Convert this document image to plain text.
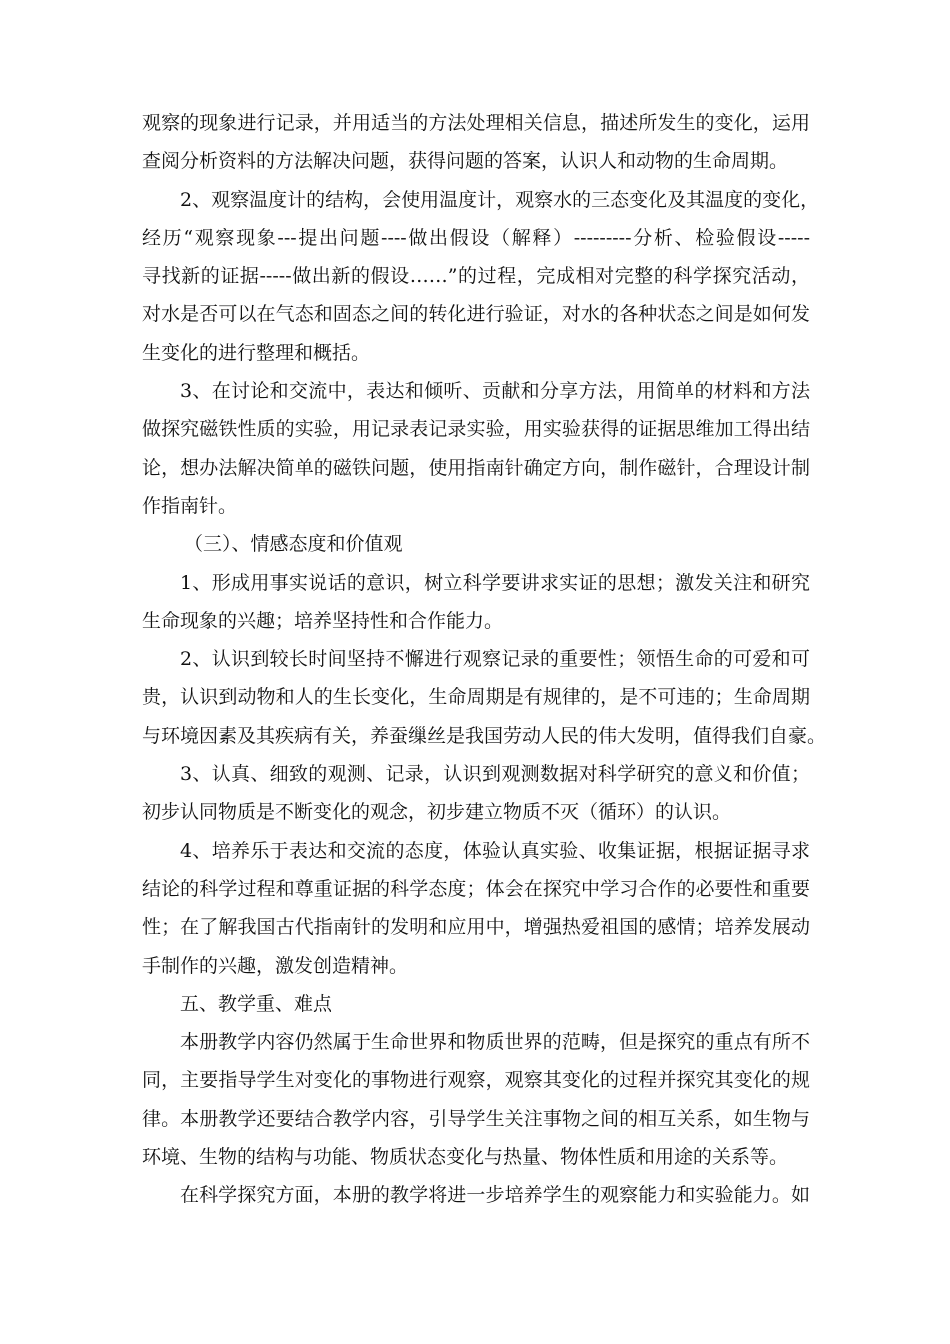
观察的现象进行记录，并用适当的方法处理相关信息，描述所发生的变化，运用
查阅分析资料的方法解决问题，获得问题的答案，认识人和动物的生命周期。
2、观察温度计的结构，会使用温度计，观察水的三态变化及其温度的变化，
经历“观察现象---提出问题----做出假设（解释）---------分析、检验假设-----
寻找新的证据-----做出新的假设……”的过程，完成相对完整的科学探究活动，
对水是否可以在气态和固态之间的转化进行验证，对水的各种状态之间是如何发
生变化的进行整理和概括。
3、在讨论和交流中，表达和倾听、贡献和分享方法，用简单的材料和方法
做探究磁铁性质的实验，用记录表记录实验，用实验获得的证据思维加工得出结
论，想办法解决简单的磁铁问题，使用指南针确定方向，制作磁针，合理设计制
作指南针。
（三）、情感态度和价值观
1、形成用事实说话的意识，树立科学要讲求实证的思想；激发关注和研究
生命现象的兴趣；培养坚持性和合作能力。
2、认识到较长时间坚持不懈进行观察记录的重要性；领悟生命的可爱和可
贵，认识到动物和人的生长变化，生命周期是有规律的，是不可违的；生命周期
与环境因素及其疾病有关，养蚕缫丝是我国劳动人民的伟大发明，值得我们自豪。
3、认真、细致的观测、记录，认识到观测数据对科学研究的意义和价值；
初步认同物质是不断变化的观念，初步建立物质不灭（循环）的认识。
4、培养乐于表达和交流的态度，体验认真实验、收集证据，根据证据寻求
结论的科学过程和尊重证据的科学态度；体会在探究中学习合作的必要性和重要
性；在了解我国古代指南针的发明和应用中，增强热爱祖国的感情；培养发展动
手制作的兴趣，激发创造精神。
五、教学重、难点
本册教学内容仍然属于生命世界和物质世界的范畴，但是探究的重点有所不
同，主要指导学生对变化的事物进行观察，观察其变化的过程并探究其变化的规
律。本册教学还要结合教学内容，引导学生关注事物之间的相互关系，如生物与
环境、生物的结构与功能、物质状态变化与热量、物体性质和用途的关系等。
在科学探究方面，本册的教学将进一步培养学生的观察能力和实验能力。如
